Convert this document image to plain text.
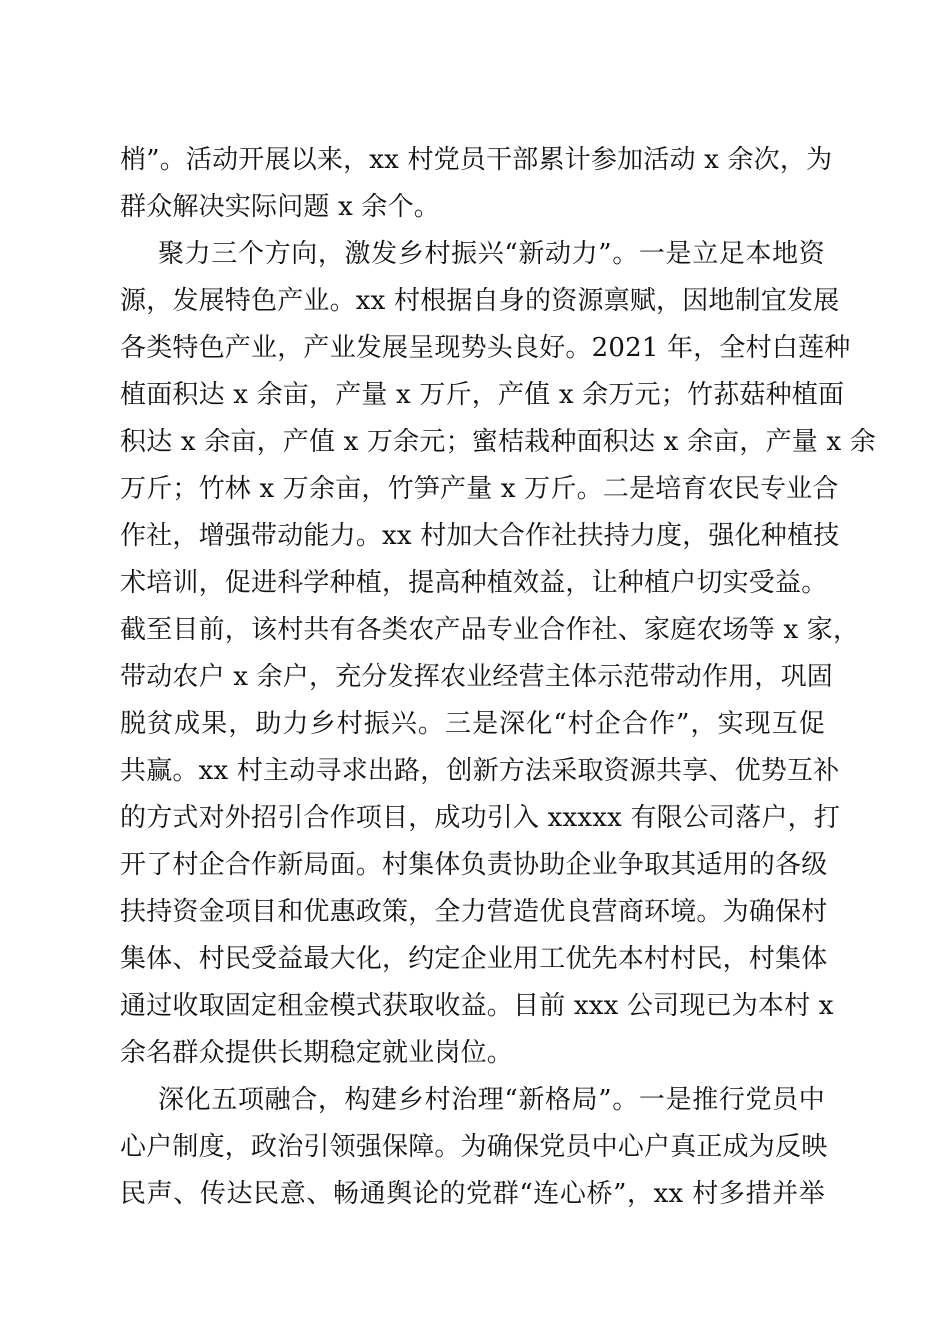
梢”。活动开展以来，xx 村党员干部累计参加活动 x 余次，为

群众解决实际问题 x 余个。

聚力三个方向，激发乡村振兴“新动力”。一是立足本地资

源，发展特色产业。xx 村根据自身的资源禀赋，因地制宜发展

各类特色产业，产业发展呈现势头良好。2021 年，全村白莲种

植面积达 x 余亩，产量 x 万斤，产值 x 余万元；竹荪菇种植面

积达 x 余亩，产值 x 万余元；蜜桔栽种面积达 x 余亩，产量 x 余

万斤；竹林 x 万余亩，竹笋产量 x 万斤。二是培育农民专业合

作社，增强带动能力。xx 村加大合作社扶持力度，强化种植技

术培训，促进科学种植，提高种植效益，让种植户切实受益。

截至目前，该村共有各类农产品专业合作社、家庭农场等 x 家，

带动农户 x 余户，充分发挥农业经营主体示范带动作用，巩固

脱贫成果，助力乡村振兴。三是深化“村企合作”，实现互促

共赢。xx 村主动寻求出路，创新方法采取资源共享、优势互补

的方式对外招引合作项目，成功引入 xxxxx 有限公司落户，打

开了村企合作新局面。村集体负责协助企业争取其适用的各级

扶持资金项目和优惠政策，全力营造优良营商环境。为确保村

集体、村民受益最大化，约定企业用工优先本村村民，村集体

通过收取固定租金模式获取收益。目前 xxx 公司现已为本村 x

余名群众提供长期稳定就业岗位。

深化五项融合，构建乡村治理“新格局”。一是推行党员中

心户制度，政治引领强保障。为确保党员中心户真正成为反映

民声、传达民意、畅通舆论的党群“连心桥”，xx 村多措并举
